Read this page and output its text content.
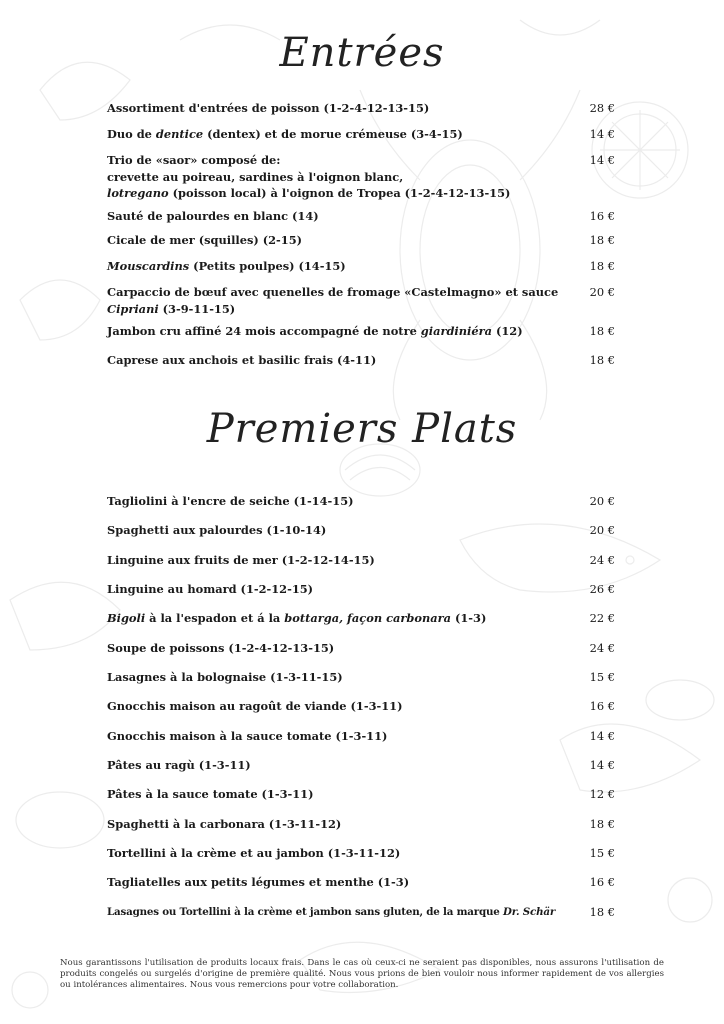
Entrées
Assortiment d'entrées de poisson (1-2-4-12-13-15)	28 €
Duo de dentice (dentex) et de morue crémeuse (3-4-15)	14 €
Trio de «saor» composé de:
crevette au poireau, sardines à l'oignon blanc,
lotregano (poisson local) à l'oignon de Tropea (1-2-4-12-13-15)
14 €
Sauté de palourdes en blanc (14)	16 €
Cicale de mer (squilles) (2-15)	18 €
Mouscardins (Petits poulpes) (14-15)	18 €
Carpaccio de bœuf avec quenelles de fromage «Castelmagno» et sauce
Cipriani (3-9-11-15)
20 €
Jambon cru affiné 24 mois accompagné de notre giardiniéra (12)	18 €
Caprese aux anchois et basilic frais (4-11)	18 €
Premiers Plats
Tagliolini à l'encre de seiche (1-14-15)	20 €
Spaghetti aux palourdes (1-10-14)	20 €
Linguine aux fruits de mer (1-2-12-14-15)	24 €
Linguine au homard (1-2-12-15)	26 €
Bigoli à la l'espadon et á la bottarga, façon carbonara (1-3)	22 €
Soupe de poissons (1-2-4-12-13-15)	24 €
Lasagnes à la bolognaise (1-3-11-15)	15 €
Gnocchis maison au ragoût de viande (1-3-11)	16 €
Gnocchis maison à la sauce tomate (1-3-11)	14 €
Pâtes au ragù (1-3-11)	14 €
Pâtes à la sauce tomate (1-3-11)	12 €
Spaghetti à la carbonara (1-3-11-12)	18 €
Tortellini à la crème et au jambon (1-3-11-12)	15 €
Tagliatelles aux petits légumes et menthe (1-3)	16 €
Lasagnes ou Tortellini à la crème et jambon sans gluten, de la marque Dr. Schär	18 €
Nous garantissons l'utilisation de produits locaux frais. Dans le cas où ceux-ci ne seraient pas disponibles, nous assurons l'utilisation de produits congelés ou surgelés d'origine de première qualité. Nous vous prions de bien vouloir nous informer rapidement de vos allergies ou intolérances alimentaires. Nous vous remercions pour votre collaboration.
